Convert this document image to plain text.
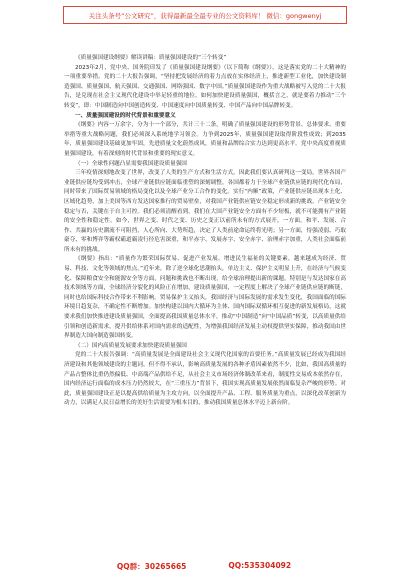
关注头条号“公文研究”，获得最新最全最专业的公文资料库！ 微信：gongwenyj

《质量强国建设纲要》解读讲稿：质量强国建设的“三个转变”

2023年2月，党中央、国务院印发了《质量强国建设纲要》（以下简称《纲要》），这是落实党的二十大精神的一项重要举措。党的二十大报告强调，“坚持把发展经济的着力点放在实体经济上，推进新型工业化，加快建设制造强国、质量强国、航天强国、交通强国、网络强国、数字中国。”质量强国建设作为重大战略被写入党的二十大报告，是兑现在社会主义现代化建设中举足轻重的地位。如何加快建设质量强国，概括言之，就是要着力推动“三个转变”，即：中国制造向中国创造转变、中国速度向中国质量转变、中国产品向中国品牌转变。

一、质量强国建设的时代背景和重要意义

《纲要》内容一万余字，分为十一个部分，共计三十二条，明确了质量强国建设的形势背景、总体要求、重要举措等重大战略问题，我们必须深入系统地学习领会。力争到2025年，质量强国建设取得阶段性成效；到2035年，质量强国建设基础更加牢固，先进质量文化蔚然成风，质量和品牌综合实力达到更高水平。党中央高度重视质量强国建设，有着深刻的时代背景和重要的现实意义。

（一）全球性问题凸显需要我国建设质量强国

三年疫情深刻地改变了世界，改变了人类的生产方式和生活方式，因此我们要认真研判这一变局，世界各国产业链供应链均受到冲击，全球产业链供应链面临重塑的深刻调整，各国都着力于全球产业链供应链的现代化布局，同时带来了国际贸易领域的格局变化以及全球产业分工合作的变化。实行“内顺”政策，产业链供应链出现本土化、区域化趋势，加上美国等西方发达国家推行的贸易壁垒，对我国产业链供应链安全稳定形成新的挑战。产业链安全稳定与否，关键在于自主可控。我们必须清醒看到，我们在大国产业链安全方面有不少短板，就不可能拥有产业链的安全性和稳定性。如今，世界之变、时代之变、历史之变正以前所未有的方式展开，一方面，和平、发展、合作、共赢的历史潮流不可阻挡，人心所向、大势所趋，决定了人类前途命运终将光明；另一方面，恃强凌弱、巧取豪夺、零和博弈等霸权霸道霸凌行径危害深重，和平赤字、发展赤字、安全赤字、治理赤字加重，人类社会面临前所未有的挑战。

《纲要》指出：“质量作为繁荣国际贸易、促进产业发展、增进民生福祉的关键要素，越来越成为经济、贸易、科技、文化等领域的焦点。”近年来，除了逆全球化思潮抬头，单边主义、保护主义明显上升，在经济与气候变化、保障粮食安全和能源安全等方面，问题和挑战也不断出现，给全球治理提出新的课题。特别是与发达国家在高技术领域等方面，全球经济分裂化的风险正在增加，建设质量强国，一定程度上解决了全球产业链供应链的断链，同时也给国际科技合作带来不利影响。贸易保护主义抬头，我国经济与国际发展的需求发生变化，我国面临的国际环境日趋复杂，不确定性不断增加。加快构建以国内大循环为主体、国内国际双循环相互促进的新发展格局，这就要求我们加快推进建设质量强国，全面提高我国质量总体水平，推动“中国制造”向“中国品质”转变，以高质量供给引领和创造新需求，提升供给体系对国内需求的适配性，为增强我国经济发展主动权提供坚实保障，推动我国由世界制造大国向制造强国转变。

（二）国内高质量发展要求加快建设质量强国

党的二十大报告强调：“高质量发展是全面建设社会主义现代化国家的首要任务。”高质量发展已经成为我国经济建设和其他领域建设的主题词。但不得不承认，影响高质量发展的各种矛盾因素依然不少，比如，我国高质量的产品占整体比重仍然偏低、中高端产品供给不足，从社会主义市场经济体制改革来看，制度性交易成本依然存在，国内经济运行面临的成本压力仍然较大，在“三重压力”背景下，我国实现高质量发展依然面临复杂严峻的形势。对此，质量强国建设正是以提高供给质量为主攻方向，以全面提升产品、工程、服务质量为重点，以深化改革创新为动力，以满足人民日益增长的美好生活需要为根本目的，推动我国质量总体水平迈上新台阶。

QQ群：30265665	QQ:535304092
